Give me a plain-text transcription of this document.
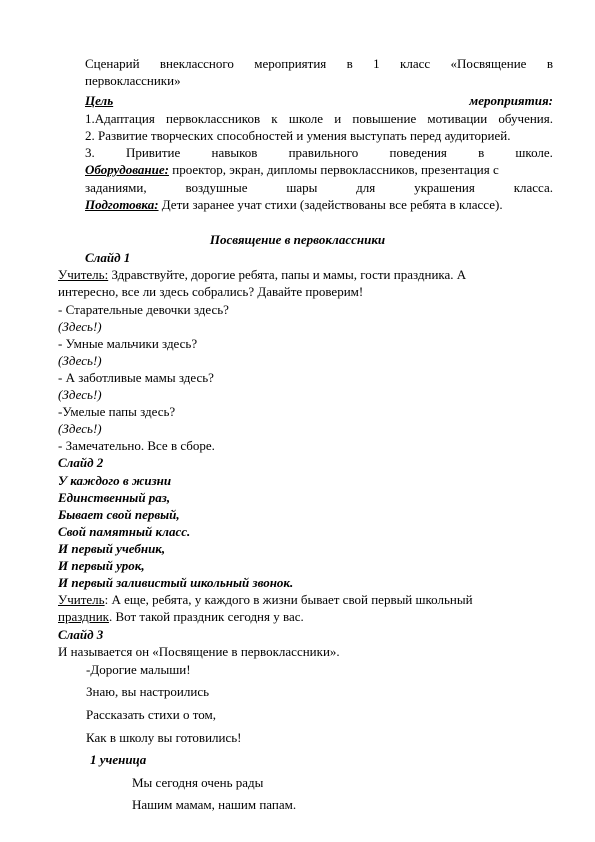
Сценарий внеклассного мероприятия в 1 класс «Посвящение в
первоклассники»
Цель	мероприятия:
1.Адаптация первоклассников к школе и повышение мотивации обучения.
2. Развитие творческих способностей и умения выступать перед аудиторией.
3. Привитие навыков правильного поведения в школе.
Оборудование: проектор, экран, дипломы первоклассников, презентация с
заданиями,	воздушные	шары	для	украшения	класса.
Подготовка: Дети заранее учат стихи (задействованы все ребята в классе).
Посвящение в первоклассники
Слайд 1
Учитель: Здравствуйте, дорогие ребята, папы и мамы, гости праздника. А
интересно, все ли здесь собрались? Давайте проверим!
- Старательные девочки здесь?
(Здесь!)
- Умные мальчики здесь?
(Здесь!)
- А заботливые мамы здесь?
(Здесь!)
-Умелые папы здесь?
(Здесь!)
- Замечательно. Все в сборе.
Слайд 2
У каждого в жизни
Единственный раз,
Бывает свой первый,
Свой памятный класс.
И первый учебник,
И первый урок,
И первый заливистый школьный звонок.
Учитель: А еще, ребята, у каждого в жизни бывает свой первый школьный
праздник. Вот такой праздник сегодня у вас.
Слайд 3
И называется он «Посвящение в первоклассники».
-Дорогие малыши!
Знаю, вы настроились
Рассказать стихи о том,
Как в школу вы готовились!
1 ученица
Мы сегодня очень рады
Нашим мамам, нашим папам.
